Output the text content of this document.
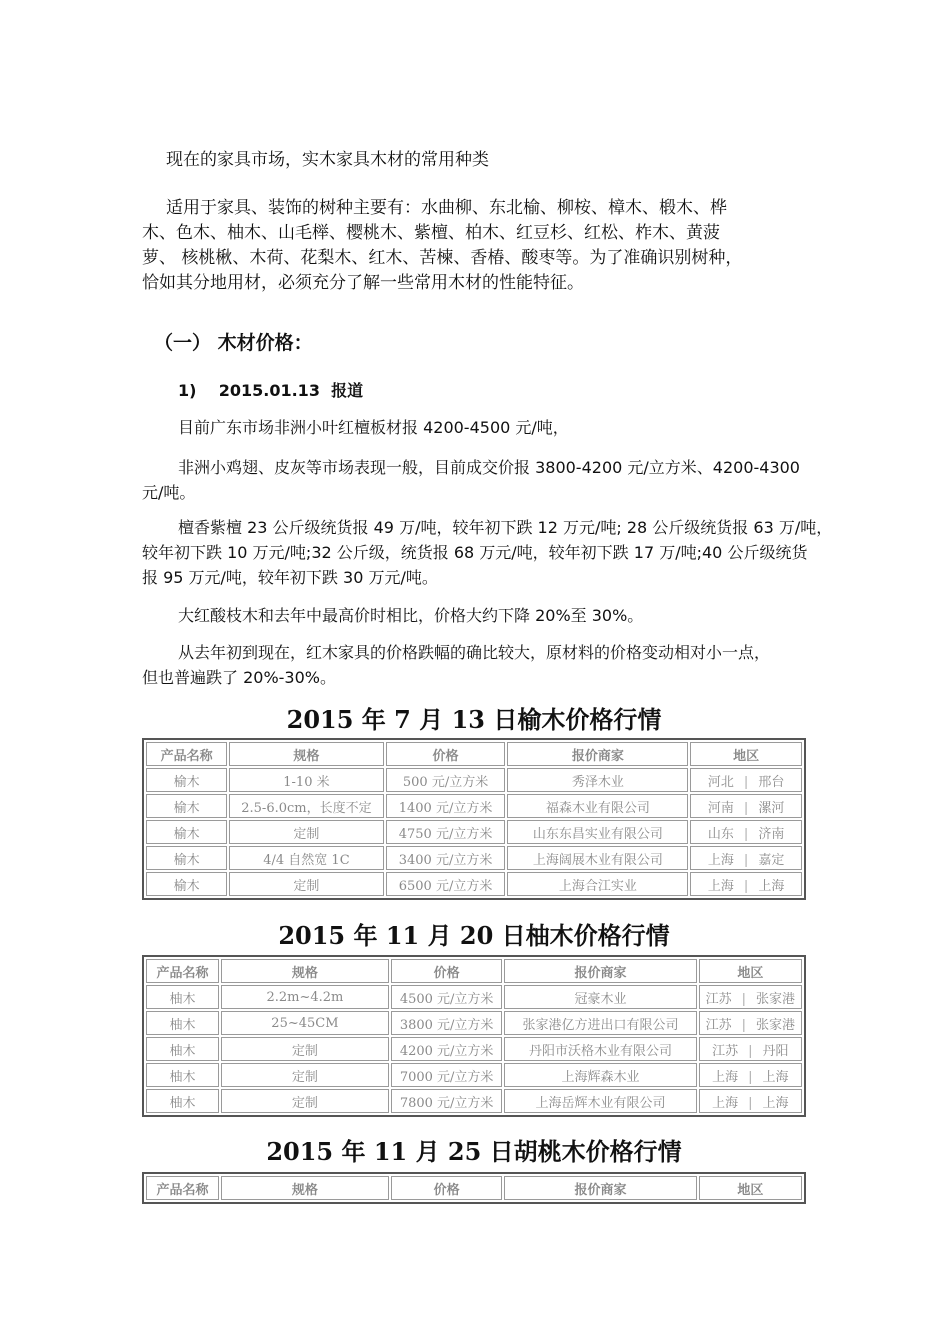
现在的家具市场，实木家具木材的常用种类

适用于家具、装饰的树种主要有：水曲柳、东北榆、柳桉、樟木、椴木、桦

木、色木、柚木、山毛榉、樱桃木、紫檀、柏木、红豆杉、红松、柞木、黄菠

萝、 核桃楸、木荷、花梨木、红木、苦楝、香椿、酸枣等。为了准确识别树种，

恰如其分地用材，必须充分了解一些常用木材的性能特征。

（一） 木材价格：

1)    2015.01.13  报道

目前广东市场非洲小叶红檀板材报 4200-4500 元/吨，

非洲小鸡翅、皮灰等市场表现一般，目前成交价报 3800-4200 元/立方米、4200-4300

元/吨。

檀香紫檀 23 公斤级统货报 49 万/吨，较年初下跌 12 万元/吨; 28 公斤级统货报 63 万/吨，

较年初下跌 10 万元/吨;32 公斤级，统货报 68 万元/吨，较年初下跌 17 万/吨;40 公斤级统货

报 95 万元/吨，较年初下跌 30 万元/吨。

大红酸枝木和去年中最高价时相比，价格大约下降 20%至 30%。

从去年初到现在，红木家具的价格跌幅的确比较大，原材料的价格变动相对小一点，

但也普遍跌了 20%-30%。

2015 年 7 月 13 日榆木价格行情
产品名称	规格	价格	报价商家	地区
榆木	1-10 米	500 元/立方米	秀泽木业	河北 | 邢台
榆木	2.5-6.0cm，长度不定	1400 元/立方米	福森木业有限公司	河南 | 漯河
榆木	定制	4750 元/立方米	山东东昌实业有限公司	山东 | 济南
榆木	4/4 自然宽 1C	3400 元/立方米	上海阔展木业有限公司	上海 | 嘉定
榆木	定制	6500 元/立方米	上海合江实业	上海 | 上海
2015 年 11 月 20 日柚木价格行情
产品名称	规格	价格	报价商家	地区
柚木	2.2m~4.2m	4500 元/立方米	冠豪木业	江苏 | 张家港
柚木	25~45CM	3800 元/立方米	张家港亿方进出口有限公司	江苏 | 张家港
柚木	定制	4200 元/立方米	丹阳市沃格木业有限公司	江苏 | 丹阳
柚木	定制	7000 元/立方米	上海辉森木业	上海 | 上海
柚木	定制	7800 元/立方米	上海岳辉木业有限公司	上海 | 上海
2015 年 11 月 25 日胡桃木价格行情
产品名称	规格	价格	报价商家	地区
